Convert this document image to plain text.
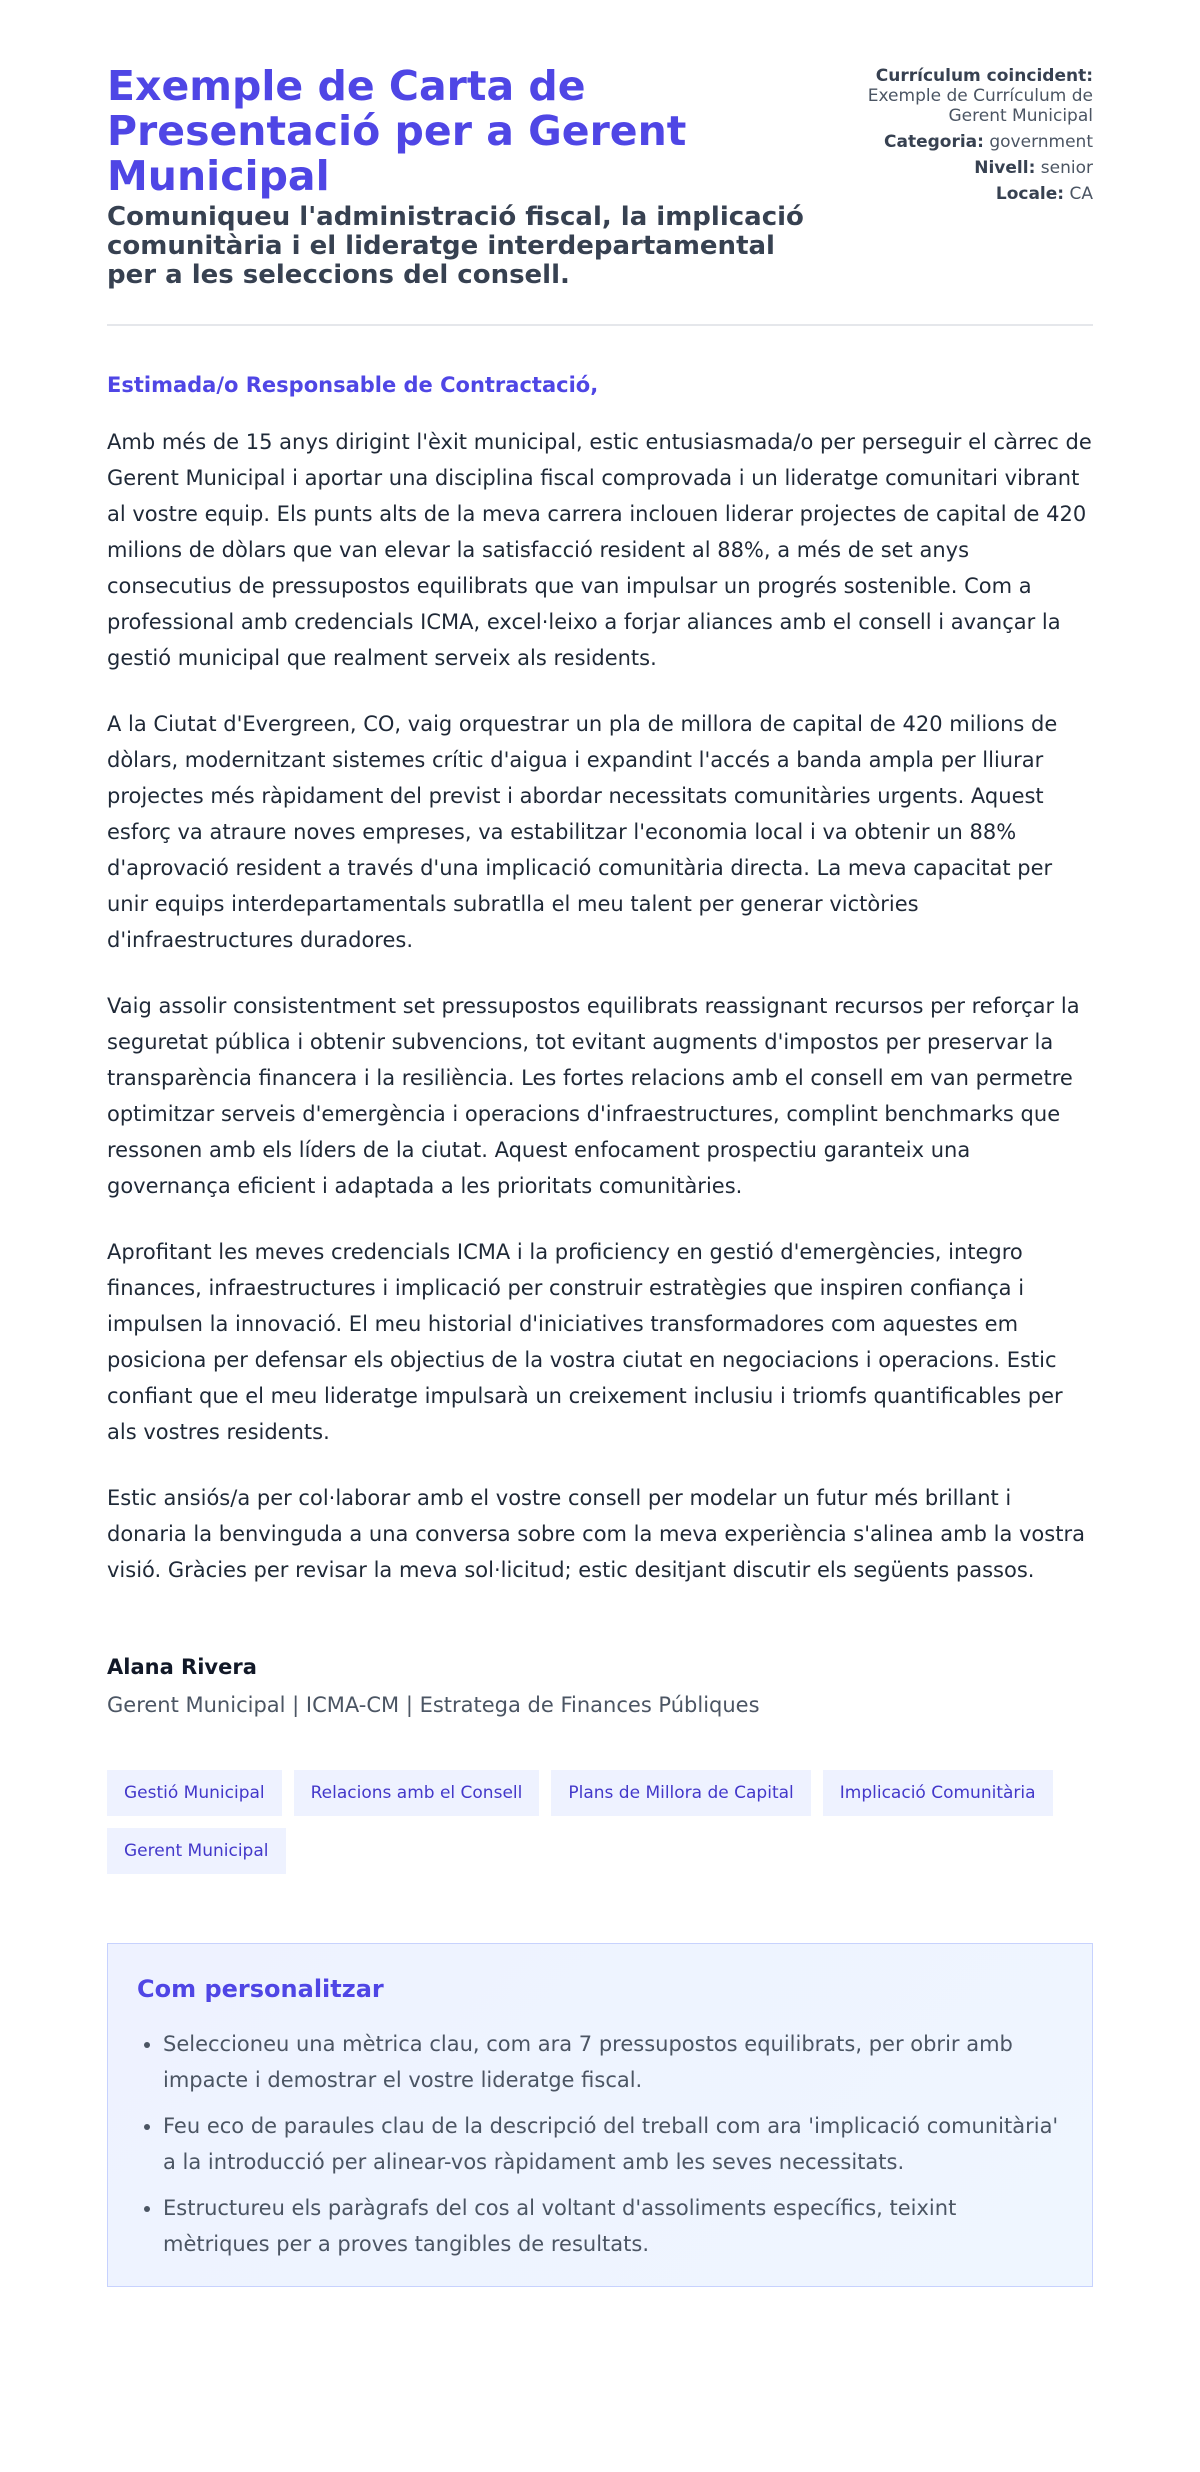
Exemple de Carta de Presentació per a Gerent Municipal
Comuniqueu l'administració fiscal, la implicació comunitària i el lideratge interdepartamental per a les seleccions del consell.
Currículum coincident: Exemple de Currículum de Gerent Municipal
Categoria: government
Nivell: senior
Locale: CA
Estimada/o Responsable de Contractació,

Amb més de 15 anys dirigint l'èxit municipal, estic entusiasmada/o per perseguir el càrrec de Gerent Municipal i aportar una disciplina fiscal comprovada i un lideratge comunitari vibrant al vostre equip. Els punts alts de la meva carrera inclouen liderar projectes de capital de 420 milions de dòlars que van elevar la satisfacció resident al 88%, a més de set anys consecutius de pressupostos equilibrats que van impulsar un progrés sostenible. Com a professional amb credencials ICMA, excel·leixo a forjar aliances amb el consell i avançar la gestió municipal que realment serveix als residents.

A la Ciutat d'Evergreen, CO, vaig orquestrar un pla de millora de capital de 420 milions de dòlars, modernitzant sistemes crític d'aigua i expandint l'accés a banda ampla per lliurar projectes més ràpidament del previst i abordar necessitats comunitàries urgents. Aquest esforç va atraure noves empreses, va estabilitzar l'economia local i va obtenir un 88% d'aprovació resident a través d'una implicació comunitària directa. La meva capacitat per unir equips interdepartamentals subratlla el meu talent per generar victòries d'infraestructures duradores.

Vaig assolir consistentment set pressupostos equilibrats reassignant recursos per reforçar la seguretat pública i obtenir subvencions, tot evitant augments d'impostos per preservar la transparència financera i la resiliència. Les fortes relacions amb el consell em van permetre optimitzar serveis d'emergència i operacions d'infraestructures, complint benchmarks que ressonen amb els líders de la ciutat. Aquest enfocament prospectiu garanteix una governança eficient i adaptada a les prioritats comunitàries.

Aprofitant les meves credencials ICMA i la proficiency en gestió d'emergències, integro finances, infraestructures i implicació per construir estratègies que inspiren confiança i impulsen la innovació. El meu historial d'iniciatives transformadores com aquestes em posiciona per defensar els objectius de la vostra ciutat en negociacions i operacions. Estic confiant que el meu lideratge impulsarà un creixement inclusiu i triomfs quantificables per als vostres residents.

Estic ansiós/a per col·laborar amb el vostre consell per modelar un futur més brillant i donaria la benvinguda a una conversa sobre com la meva experiència s'alinea amb la vostra visió. Gràcies per revisar la meva sol·licitud; estic desitjant discutir els següents passos.

Alana Rivera
Gerent Municipal | ICMA-CM | Estratega de Finances Públiques
Gestió Municipal	Relacions amb el Consell	Plans de Millora de Capital	Implicació Comunitària
Gerent Municipal
Com personalitzar
• Seleccioneu una mètrica clau, com ara 7 pressupostos equilibrats, per obrir amb impacte i demostrar el vostre lideratge fiscal.
• Feu eco de paraules clau de la descripció del treball com ara 'implicació comunitària' a la introducció per alinear-vos ràpidament amb les seves necessitats.
• Estructureu els paràgrafs del cos al voltant d'assoliments específics, teixint mètriques per a proves tangibles de resultats.
